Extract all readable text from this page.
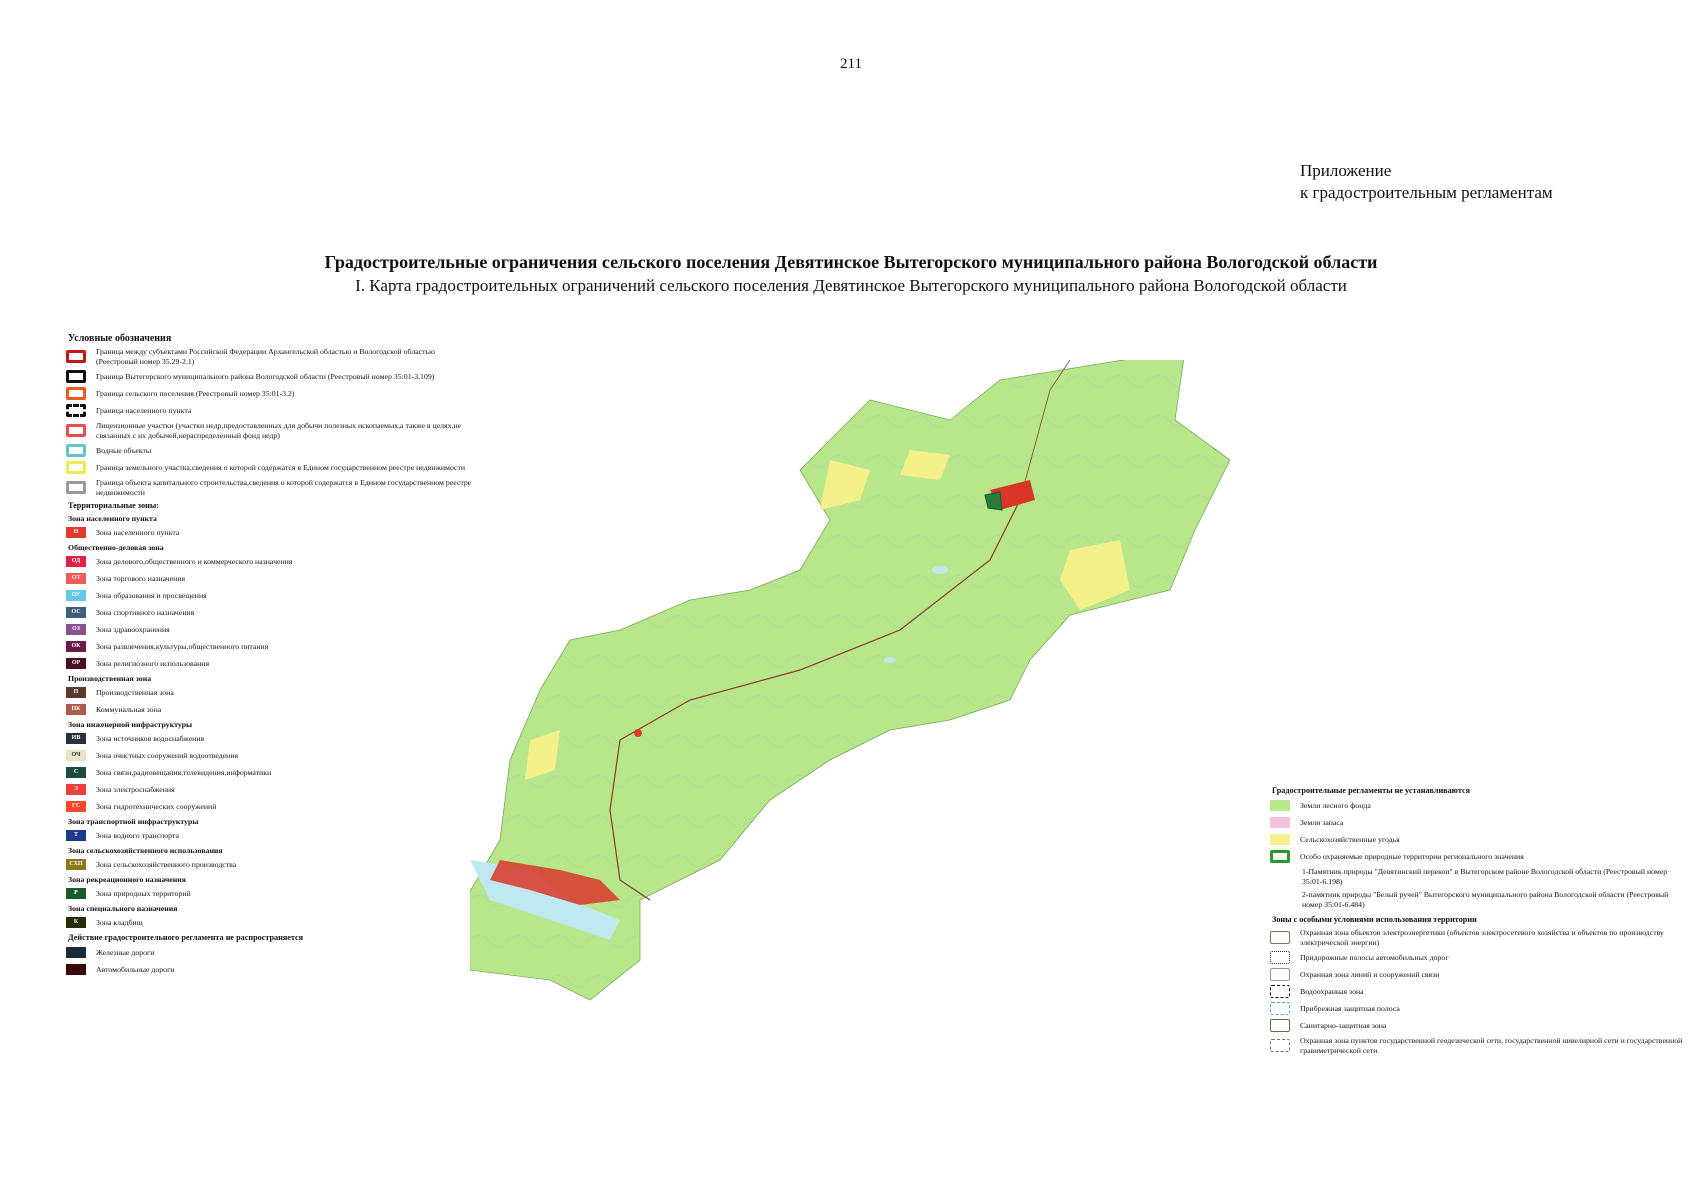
211
Приложение
к градостроительным регламентам
Градостроительные ограничения сельского поселения Девятинское Вытегорского муниципального района Вологодской области
I. Карта градостроительных ограничений сельского поселения Девятинское Вытегорского муниципального района Вологодской области
Условные обозначения
Граница между субъектами Российской Федерации Архангельской областью и Вологодской областью (Реестровый номер 35.29-2.1)
Граница Вытегорского муниципального района Вологодской области (Реестровый номер 35:01-3.109)
Граница сельского поселения (Реестровый номер 35:01-3.2)
Граница населенного пункта
Лицензионные участки (участки недр,предоставленных для добычи полезных ископаемых,а также в целях,не связанных с их добычей,нераспределенный фонд недр)
Водные объекты
Граница земельного участка,сведения о которой содержатся в Едином государственном реестре недвижимости
Граница объекта капитального строительства,сведения о которой содержатся в Едином государственном реестре недвижимости
Территориальные зоны:
Зона населенного пункта
Н	Зона населенного пункта
Общественно-деловая зона
ОД	Зона делового,общественного и коммерческого назначения
ОТ	Зона торгового назначения
ОУ	Зона образования и просвещения
ОС	Зона спортивного назначения
ОЗ	Зона здравоохранения
ОК	Зона развлечения,культуры,общественного питания
ОР	Зона религиозного использования
Производственная зона
П	Производственная зона
ПК	Коммунальная зона
Зона инженерной инфраструктуры
ИВ	Зона источников водоснабжения
ОЧ	Зона очистных сооружений водоотведения
С	Зона связи,радиовещания,телевидения,информатики
Э	Зона электроснабжения
ГС	Зона гидротехнических сооружений
Зона транспортной инфраструктуры
Т	Зона водного транспорта
Зона сельскохозяйственного использования
СХП	Зона сельскохозяйственного производства
Зона рекреационного назначения
Р	Зона природных территорий
Зона специального назначения
К	Зона кладбищ
Действие градостроительного регламента не распространяется
Железные дороги
Автомобильные дороги
Градостроительные регламенты не устанавливаются
Земли лесного фонда
Земли запаса
Сельскохозяйственные угодья
Особо охраняемые природные территории регионального значения
1-Памятник природы "Девятинский перекоп" в Вытегорском районе Вологодской области (Реестровый номер 35:01-6.198)
2-памятник природы "Белый ручей" Вытегорского муниципального района Вологодской области (Реестровый номер 35:01-6.484)
Зоны с особыми условиями использования территории
Охранная зона объектов электроэнергетики (объектов электросетевого хозяйства и объектов по производству электрической энергии)
Придорожные полосы автомобильных дорог
Охранная зона линий и сооружений связи
Водоохранная зона
Прибрежная защитная полоса
Санитарно-защитная зона
Охранная зона пунктов государственной геодезической сети, государственной нивелирной сети и государственной гравиметрической сети
